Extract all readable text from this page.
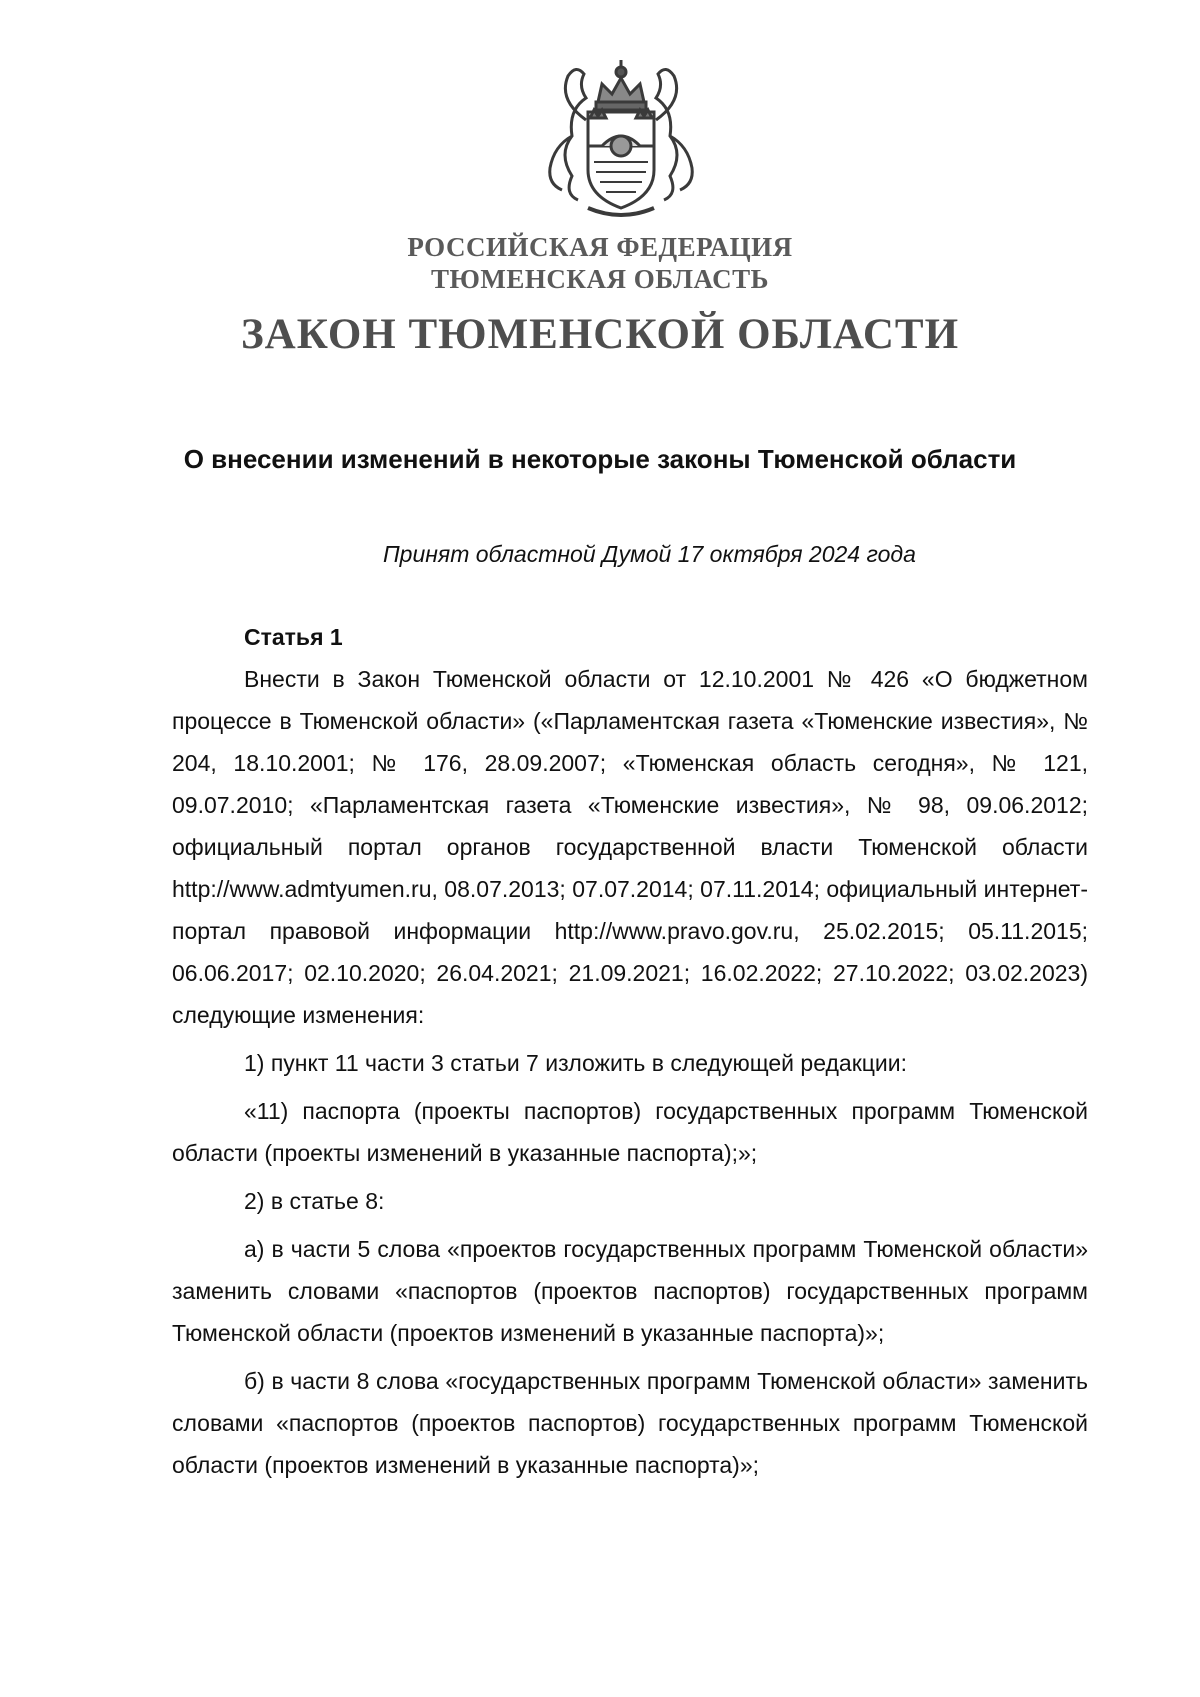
РОССИЙСКАЯ ФЕДЕРАЦИЯ
ТЮМЕНСКАЯ ОБЛАСТЬ
ЗАКОН ТЮМЕНСКОЙ ОБЛАСТИ
О внесении изменений в некоторые законы Тюменской области
Принят областной Думой 17 октября 2024 года
Статья 1

Внести в Закон Тюменской области от 12.10.2001 № 426 «О бюджетном процессе в Тюменской области» («Парламентская газета «Тюменские известия», № 204, 18.10.2001; № 176, 28.09.2007; «Тюменская область сегодня», № 121, 09.07.2010; «Парламентская газета «Тюменские известия», № 98, 09.06.2012; официальный портал органов государственной власти Тюменской области http://www.admtyumen.ru, 08.07.2013; 07.07.2014; 07.11.2014; официальный интернет-портал правовой информации http://www.pravo.gov.ru, 25.02.2015; 05.11.2015; 06.06.2017; 02.10.2020; 26.04.2021; 21.09.2021; 16.02.2022; 27.10.2022; 03.02.2023) следующие изменения:

1) пункт 11 части 3 статьи 7 изложить в следующей редакции:

«11) паспорта (проекты паспортов) государственных программ Тюменской области (проекты изменений в указанные паспорта);»;

2) в статье 8:

а) в части 5 слова «проектов государственных программ Тюменской области» заменить словами «паспортов (проектов паспортов) государственных программ Тюменской области (проектов изменений в указанные паспорта)»;

б) в части 8 слова «государственных программ Тюменской области» заменить словами «паспортов (проектов паспортов) государственных программ Тюменской области (проектов изменений в указанные паспорта)»;
